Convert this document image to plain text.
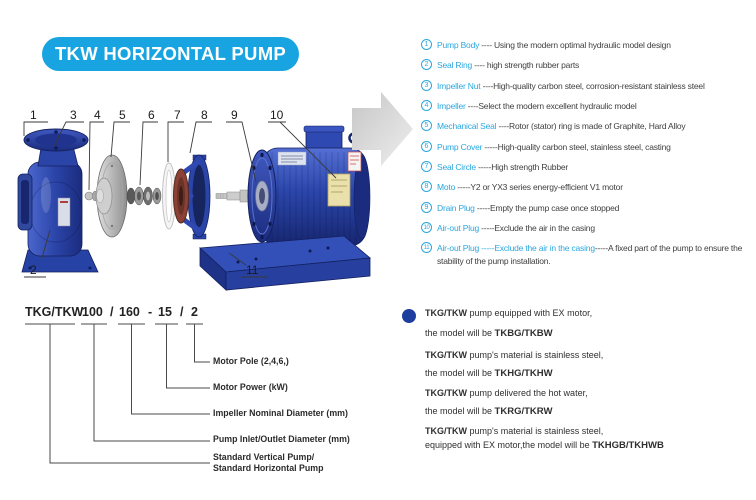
TKW HORIZONTAL PUMP
1	3 4 5 6 7 8 9	10
2	11
1	Pump Body ---- Using the modern optimal hydraulic model design
2	Seal Ring ---- high strength rubber parts
3	Impeller Nut ----High-quality carbon steel, corrosion-resistant stainless steel
4	Impeller ----Select the modern excellent hydraulic model
5	Mechanical Seal ----Rotor (stator) ring is made of Graphite, Hard Alloy
6	Pump Cover -----High-quality carbon steel, stainless steel, casting
7	Seal Circle -----High strength Rubber
8	Moto -----Y2 or YX3 series energy-efficient V1 motor
9	Drain Plug -----Empty the pump case once stopped
10 Air-out Plug -----Exclude the air in the casing
11 Air-out Plug -----Exclude the air in the casing-----A fixed part of the pump to ensure the stability of the pump installation.
TKG/TKW
100 / 160 - 15 / 2
Motor Pole (2,4,6,)
Motor Power (kW)
Impeller Nominal Diameter (mm)
Pump Inlet/Outlet Diameter (mm)
Standard Vertical Pump/
Standard Horizontal Pump
TKG/TKW pump equipped with EX motor,
the model will be TKBG/TKBW
TKG/TKW pump's material is stainless steel,
the model will be TKHG/TKHW
TKG/TKW pump delivered the hot water,
the model will be TKRG/TKRW
TKG/TKW pump's material is stainless steel,
equipped with EX motor,the model will be TKHGB/TKHWB
